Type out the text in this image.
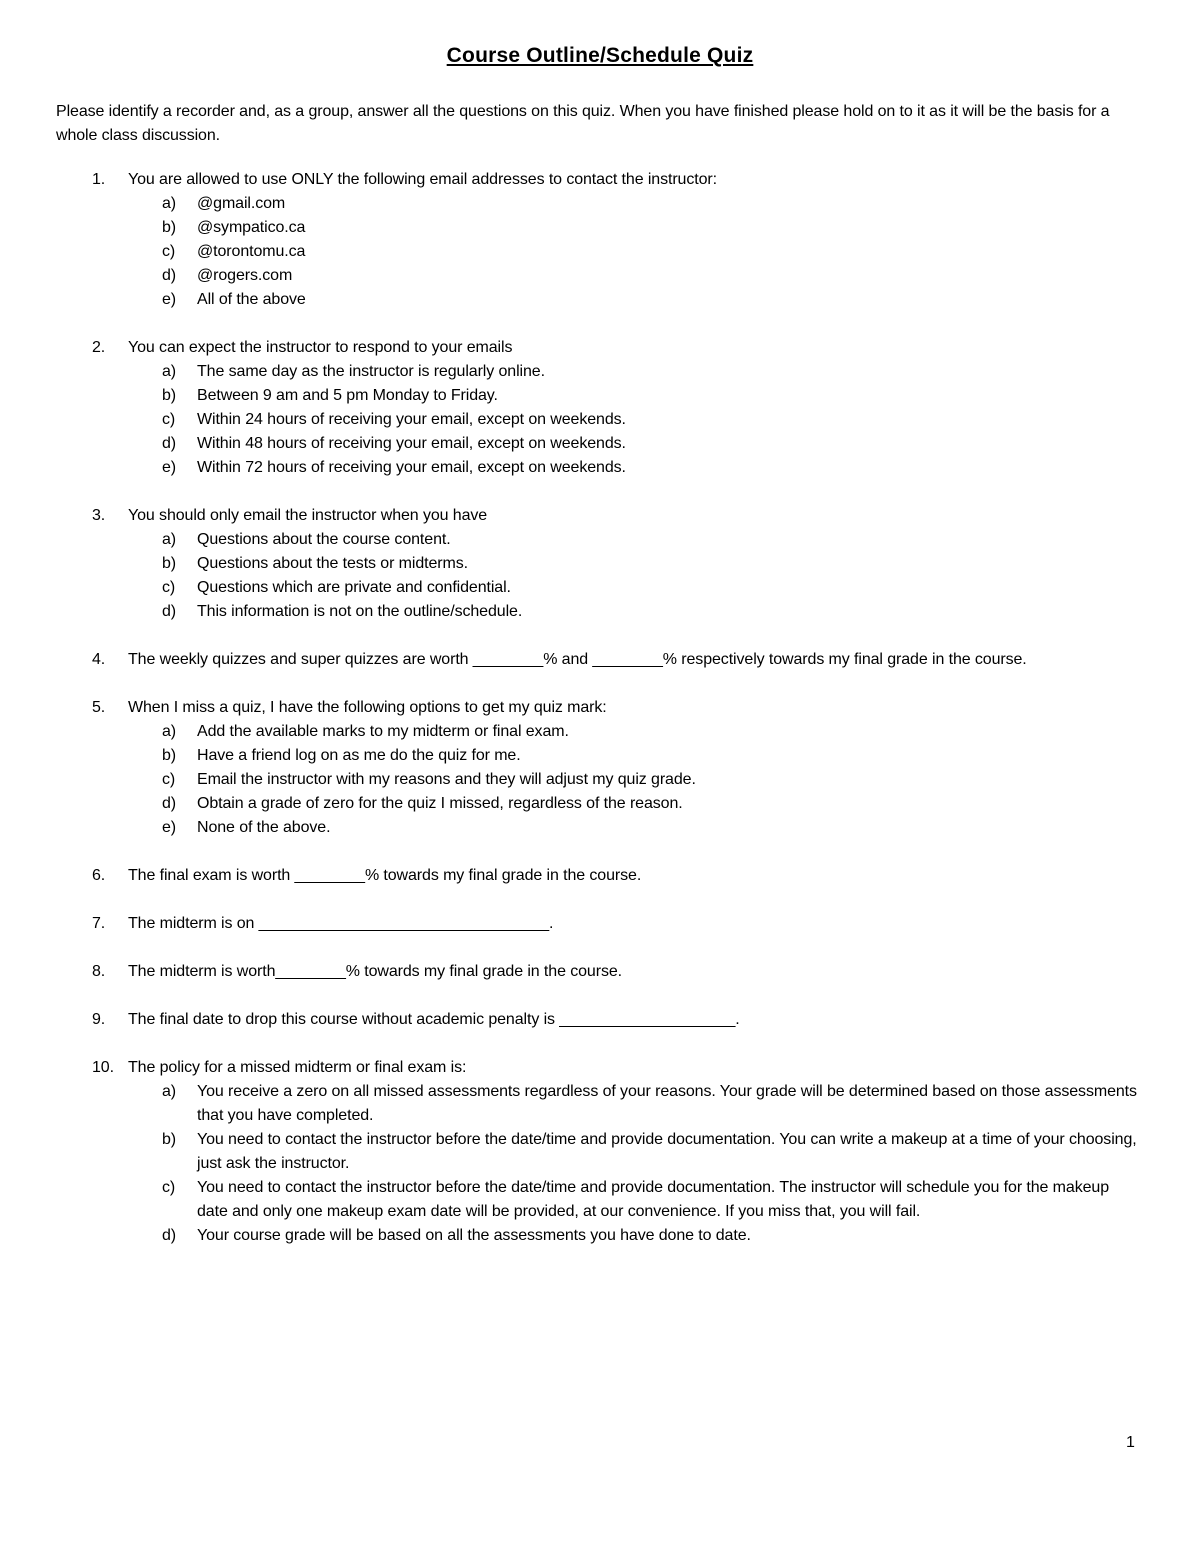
Course Outline/Schedule Quiz
Please identify a recorder and, as a group, answer all the questions on this quiz. When you have finished please hold on to it as it will be the basis for a whole class discussion.
1.	You are allowed to use ONLY the following email addresses to contact the instructor:
a)	@gmail.com
b)	@sympatico.ca
c)	@torontomu.ca
d)	@rogers.com
e)	All of the above
2.	You can expect the instructor to respond to your emails
a)	The same day as the instructor is regularly online.
b)	Between 9 am and 5 pm Monday to Friday.
c)	Within 24 hours of receiving your email, except on weekends.
d)	Within 48 hours of receiving your email, except on weekends.
e)	Within 72 hours of receiving your email, except on weekends.
3.	You should only email the instructor when you have
a)	Questions about the course content.
b)	Questions about the tests or midterms.
c)	Questions which are private and confidential.
d)	This information is not on the outline/schedule.
4.	The weekly quizzes and super quizzes are worth ________% and ________% respectively towards my final grade in the course.
5.	When I miss a quiz, I have the following options to get my quiz mark:
a)	Add the available marks to my midterm or final exam.
b)	Have a friend log on as me do the quiz for me.
c)	Email the instructor with my reasons and they will adjust my quiz grade.
d)	Obtain a grade of zero for the quiz I missed, regardless of the reason.
e)	None of the above.
6.	The final exam is worth ________% towards my final grade in the course.
7.	The midterm is on _________________________________.
8.	The midterm is worth________% towards my final grade in the course.
9.	The final date to drop this course without academic penalty is ____________________.
10. The policy for a missed midterm or final exam is:
a)	You receive a zero on all missed assessments regardless of your reasons. Your grade will be determined based on those assessments that you have completed.
b)	You need to contact the instructor before the date/time and provide documentation. You can write a makeup at a time of your choosing, just ask the instructor.
c)	You need to contact the instructor before the date/time and provide documentation. The instructor will schedule you for the makeup date and only one makeup exam date will be provided, at our convenience. If you miss that, you will fail.
d)	Your course grade will be based on all the assessments you have done to date.
1
